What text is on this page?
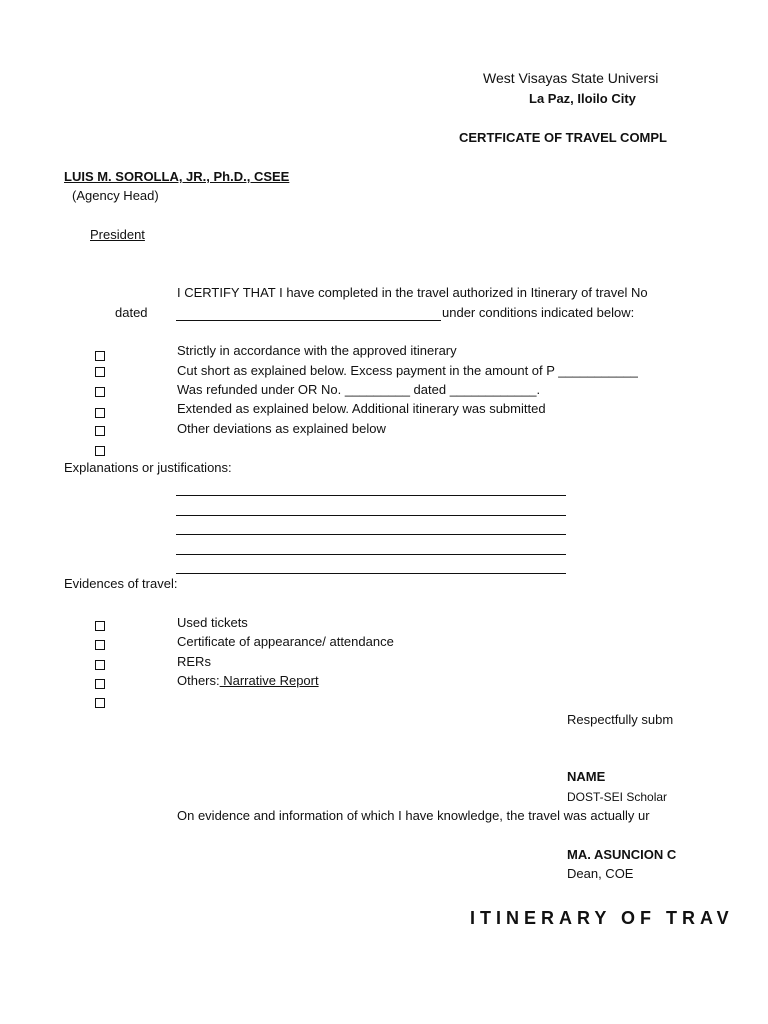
West Visayas State Universi
La Paz, Iloilo City
CERTFICATE OF TRAVEL COMPL
LUIS M. SOROLLA, JR., Ph.D., CSEE
(Agency Head)
President
I CERTIFY THAT I have completed in the travel authorized in Itinerary of travel No
dated	under conditions indicated below:
Strictly in accordance with the approved itinerary
Cut short as explained below. Excess payment in the amount of P ___________
Was refunded under OR No. _________ dated ____________.
Extended as explained below. Additional itinerary was submitted
Other deviations as explained below
Explanations or justifications:
Evidences of travel:
Used tickets
Certificate of appearance/ attendance
RERs
Others: Narrative Report
Respectfully subm
NAME
DOST-SEI Scholar
On evidence and information of which I have knowledge, the travel was actually ur
MA. ASUNCION C
Dean, COE
ITINERARY OF TRAV
